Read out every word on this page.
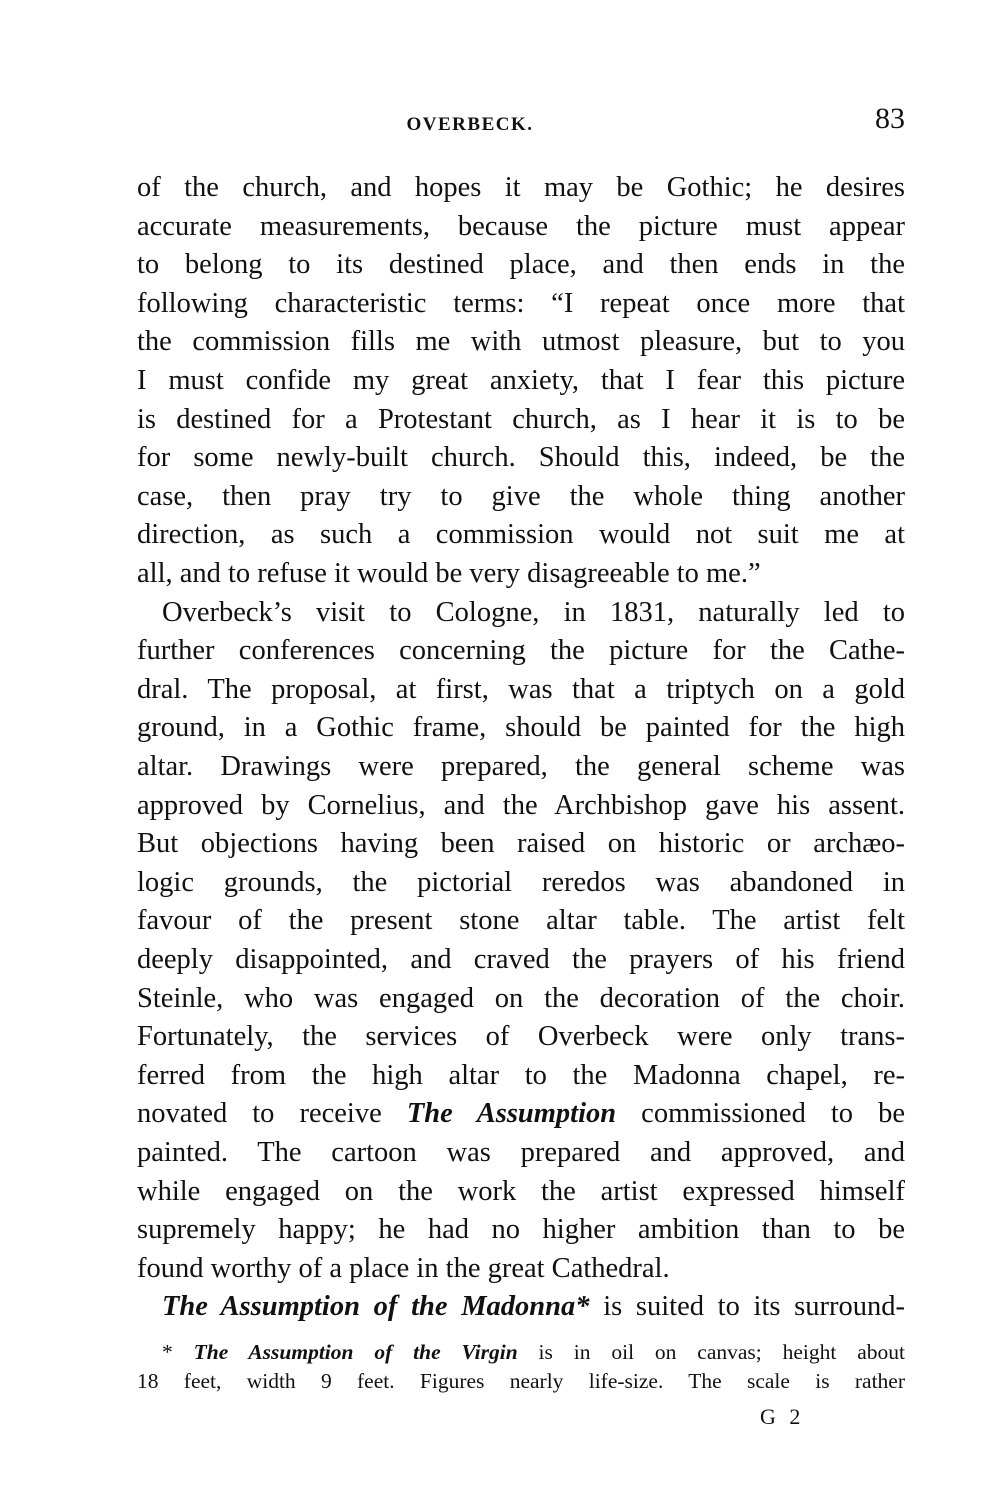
OVERBECK.	83
of the church, and hopes it may be Gothic; he desires
accurate measurements, because the picture must appear
to belong to its destined place, and then ends in the
following characteristic terms: “I repeat once more that
the commission fills me with utmost pleasure, but to you
I must confide my great anxiety, that I fear this picture
is destined for a Protestant church, as I hear it is to be
for some newly-built church. Should this, indeed, be the
case, then pray try to give the whole thing another
direction, as such a commission would not suit me at
all, and to refuse it would be very disagreeable to me.”
Overbeck’s visit to Cologne, in 1831, naturally led to
further conferences concerning the picture for the Cathe-
dral. The proposal, at first, was that a triptych on a gold
ground, in a Gothic frame, should be painted for the high
altar. Drawings were prepared, the general scheme was
approved by Cornelius, and the Archbishop gave his assent.
But objections having been raised on historic or archæo-
logic grounds, the pictorial reredos was abandoned in
favour of the present stone altar table. The artist felt
deeply disappointed, and craved the prayers of his friend
Steinle, who was engaged on the decoration of the choir.
Fortunately, the services of Overbeck were only trans-
ferred from the high altar to the Madonna chapel, re-
novated to receive The Assumption commissioned to be
painted. The cartoon was prepared and approved, and
while engaged on the work the artist expressed himself
supremely happy; he had no higher ambition than to be
found worthy of a place in the great Cathedral.
The Assumption of the Madonna* is suited to its surround-
* The Assumption of the Virgin is in oil on canvas; height about
18 feet, width 9 feet. Figures nearly life-size. The scale is rather
G 2
